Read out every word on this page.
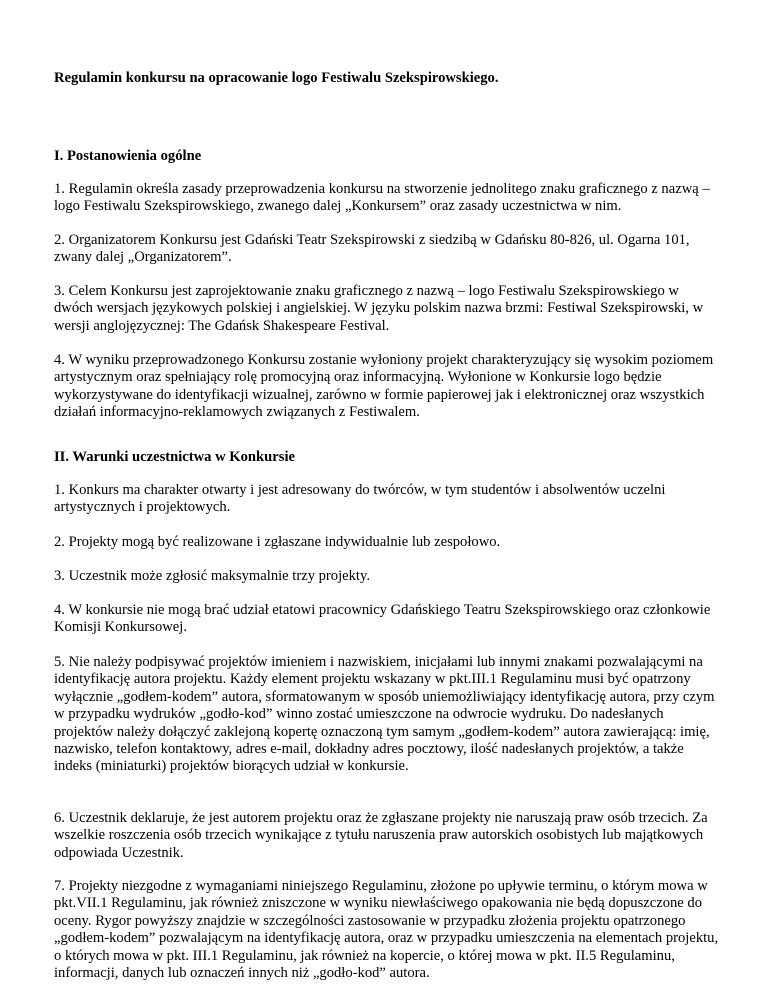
Regulamin konkursu na opracowanie logo Festiwalu Szekspirowskiego.
I. Postanowienia ogólne

1. Regulamin określa zasady przeprowadzenia konkursu na stworzenie jednolitego znaku graficznego z nazwą – logo Festiwalu Szekspirowskiego, zwanego dalej „Konkursem” oraz zasady uczestnictwa w nim.

2. Organizatorem Konkursu jest Gdański Teatr Szekspirowski z siedzibą w Gdańsku 80-826, ul. Ogarna 101, zwany dalej „Organizatorem”.

3. Celem Konkursu jest zaprojektowanie znaku graficznego z nazwą – logo Festiwalu Szekspirowskiego w dwóch wersjach językowych polskiej i angielskiej. W języku polskim nazwa brzmi: Festiwal Szekspirowski, w wersji anglojęzycznej: The Gdańsk Shakespeare Festival.

4. W wyniku przeprowadzonego Konkursu zostanie wyłoniony projekt charakteryzujący się wysokim poziomem artystycznym oraz spełniający rolę promocyjną oraz informacyjną. Wyłonione w Konkursie logo będzie wykorzystywane do identyfikacji wizualnej, zarówno w formie papierowej jak i elektronicznej oraz wszystkich działań informacyjno-reklamowych związanych z Festiwalem.

II. Warunki uczestnictwa w Konkursie

1. Konkurs ma charakter otwarty i jest adresowany do twórców, w tym studentów i absolwentów uczelni artystycznych i projektowych.

2. Projekty mogą być realizowane i zgłaszane indywidualnie lub zespołowo.

3. Uczestnik może zgłosić maksymalnie trzy projekty.

4. W konkursie nie mogą brać udział etatowi pracownicy Gdańskiego Teatru Szekspirowskiego oraz członkowie Komisji Konkursowej.

5. Nie należy podpisywać projektów imieniem i nazwiskiem, inicjałami lub innymi znakami pozwalającymi na identyfikację autora projektu. Każdy element projektu wskazany w pkt.III.1 Regulaminu musi być opatrzony wyłącznie „godłem-kodem” autora, sformatowanym w sposób uniemożliwiający identyfikację autora, przy czym w przypadku wydruków „godło-kod” winno zostać umieszczone na odwrocie wydruku. Do nadesłanych projektów należy dołączyć zaklejoną kopertę oznaczoną tym samym „godłem-kodem” autora zawierającą: imię, nazwisko, telefon kontaktowy, adres e-mail, dokładny adres pocztowy, ilość nadesłanych projektów, a także indeks (miniaturki) projektów biorących udział w konkursie.

6. Uczestnik deklaruje, że jest autorem projektu oraz że zgłaszane projekty nie naruszają praw osób trzecich. Za wszelkie roszczenia osób trzecich wynikające z tytułu naruszenia praw autorskich osobistych lub majątkowych odpowiada Uczestnik.

7. Projekty niezgodne z wymaganiami niniejszego Regulaminu, złożone po upływie terminu, o którym mowa w pkt.VII.1 Regulaminu, jak również zniszczone w wyniku niewłaściwego opakowania nie będą dopuszczone do oceny. Rygor powyższy znajdzie w szczególności zastosowanie w przypadku złożenia projektu opatrzonego „godłem-kodem” pozwalającym na identyfikację autora, oraz w przypadku umieszczenia na elementach projektu, o których mowa w pkt. III.1 Regulaminu, jak również na kopercie, o której mowa w pkt. II.5 Regulaminu, informacji, danych lub oznaczeń innych niż „godło-kod” autora.
